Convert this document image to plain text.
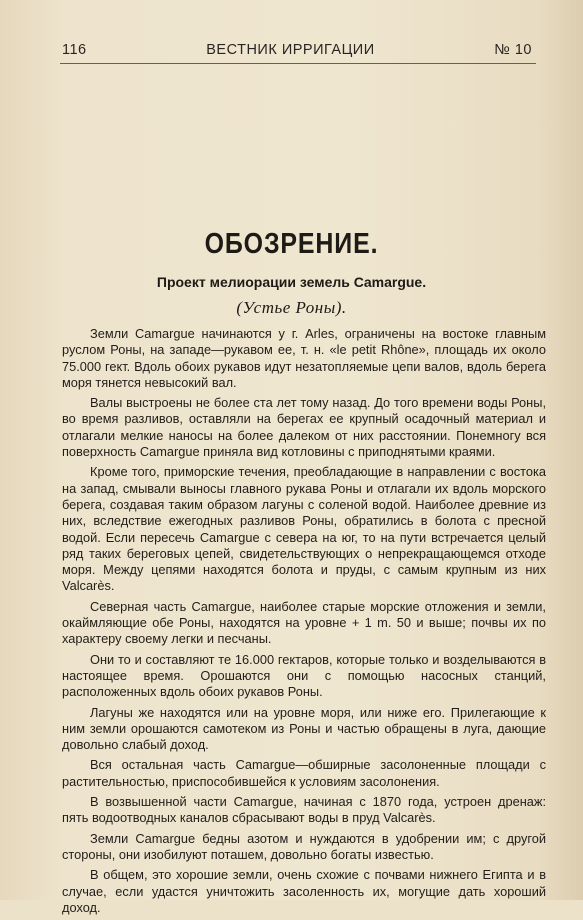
116	ВЕСТНИК ИРРИГАЦИИ	№ 10
ОБОЗРЕНИЕ.
Проект мелиорации земель Camargue.
(Устье Роны).

Земли Camargue начинаются у г. Arles, ограничены на востоке главным руслом Роны, на западе—рукавом ее, т. н. «le petit Rhône», площадь их около 75.000 гект. Вдоль обоих рукавов идут незатопляемые цепи валов, вдоль берега моря тянется невысокий вал.

Валы выстроены не более ста лет тому назад. До того времени воды Роны, во время разливов, оставляли на берегах ее крупный осадочный материал и отлагали мелкие наносы на более далеком от них расстоянии. Понемногу вся поверхность Camargue приняла вид котловины с приподнятыми краями.

Кроме того, приморские течения, преобладающие в направлении с востока на запад, смывали выносы главного рукава Роны и отлагали их вдоль морского берега, создавая таким образом лагуны с соленой водой. Наиболее древние из них, вследствие ежегодных разливов Роны, обратились в болота с пресной водой. Если пересечь Camargue с севера на юг, то на пути встречается целый ряд таких береговых цепей, свидетельствующих о непрекращающемся отходе моря. Между цепями находятся болота и пруды, с самым крупным из них Valcarès.

Северная часть Camargue, наиболее старые морские отложения и земли, окаймляющие обе Роны, находятся на уровне + 1 m. 50 и выше; почвы их по характеру своему легки и песчаны.

Они то и составляют те 16.000 гектаров, которые только и возделываются в настоящее время. Орошаются они с помощью насосных станций, расположенных вдоль обоих рукавов Роны.

Лагуны же находятся или на уровне моря, или ниже его. Прилегающие к ним земли орошаются самотеком из Роны и частью обращены в луга, дающие довольно слабый доход.

Вся остальная часть Camargue—обширные засолоненные площади с растительностью, приспособившейся к условиям засолонения.

В возвышенной части Camargue, начиная с 1870 года, устроен дренаж: пять водоотводных каналов сбрасывают воды в пруд Valcarès.

Земли Camargue бедны азотом и нуждаются в удобрении им; с другой стороны, они изобилуют поташем, довольно богаты известью.

В общем, это хорошие земли, очень схожие с почвами нижнего Египта и в случае, если удастся уничтожить засоленность их, могущие дать хороший доход.
